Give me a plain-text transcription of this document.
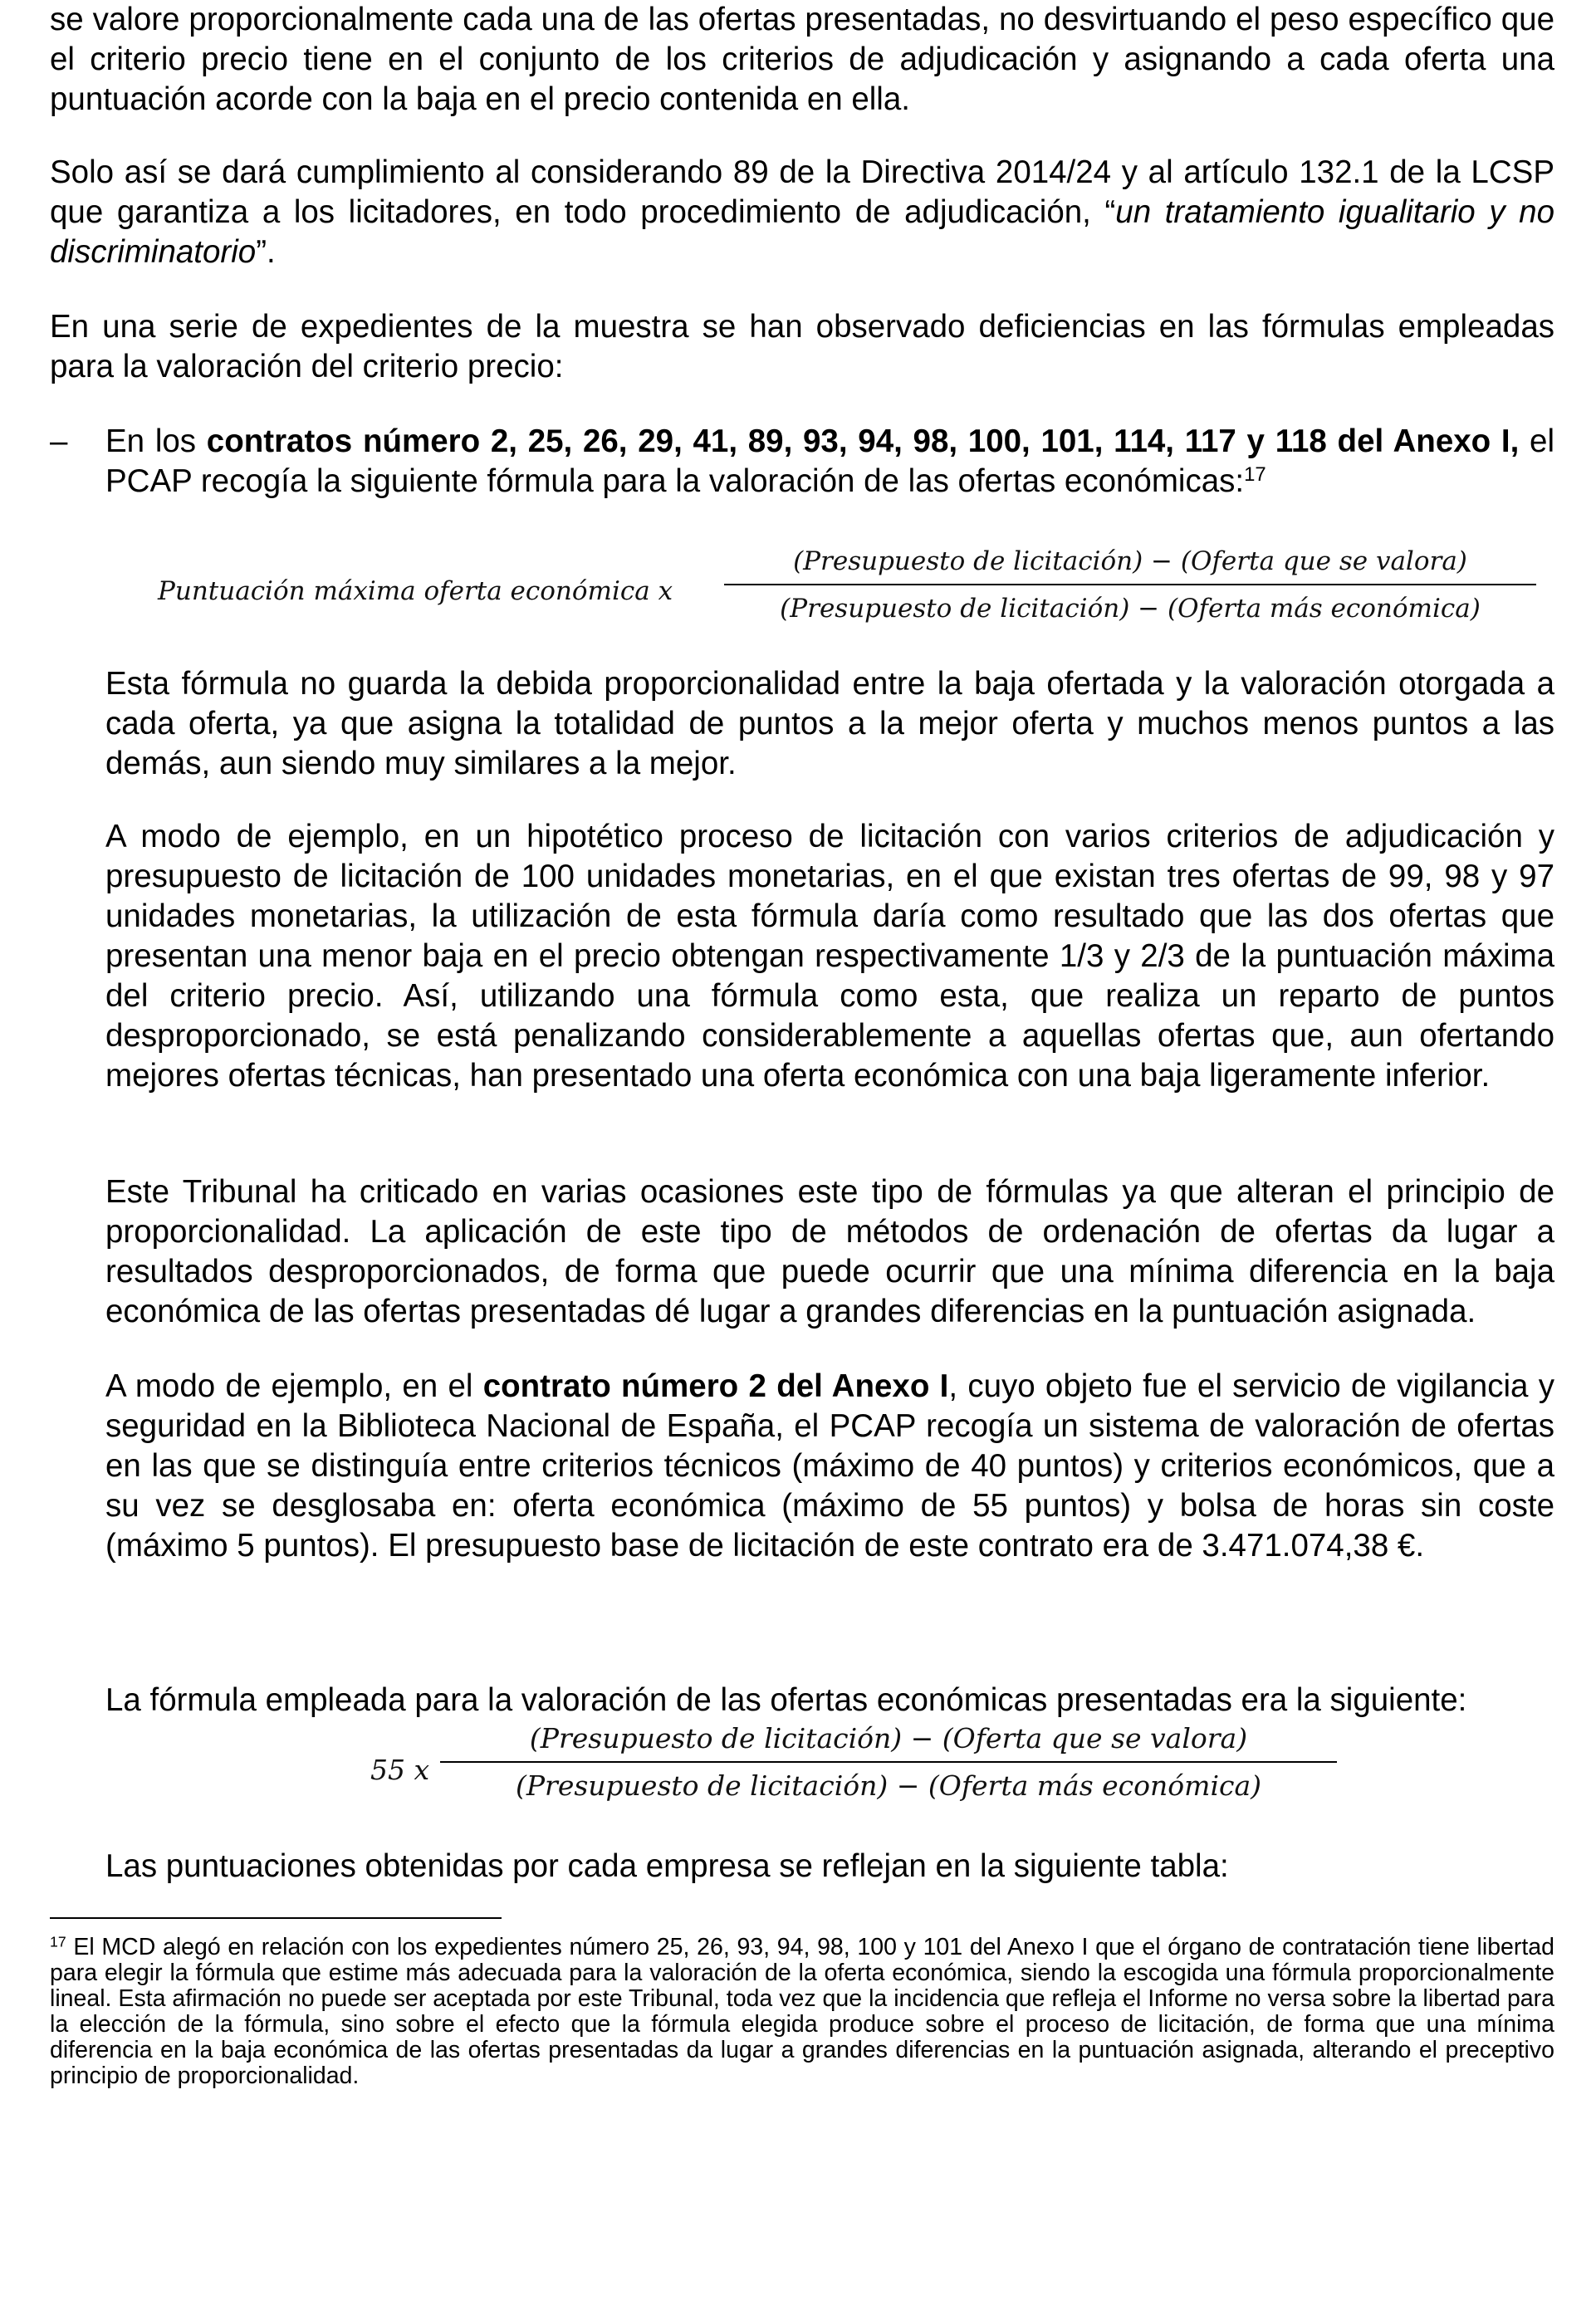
se valore proporcionalmente cada una de las ofertas presentadas, no desvirtuando el peso específico que el criterio precio tiene en el conjunto de los criterios de adjudicación y asignando a cada oferta una puntuación acorde con la baja en el precio contenida en ella.

Solo así se dará cumplimiento al considerando 89 de la Directiva 2014/24 y al artículo 132.1 de la LCSP que garantiza a los licitadores, en todo procedimiento de adjudicación, “un tratamiento igualitario y no discriminatorio”.

En una serie de expedientes de la muestra se han observado deficiencias en las fórmulas empleadas para la valoración del criterio precio:

– En los contratos número 2, 25, 26, 29, 41, 89, 93, 94, 98, 100, 101, 114, 117 y 118 del Anexo I, el PCAP recogía la siguiente fórmula para la valoración de las ofertas económicas:$^{17}$

Puntuación máxima oferta económica x
(Presupuesto de licitación) − (Oferta que se valora)
(Presupuesto de licitación) − (Oferta más económica)

Esta fórmula no guarda la debida proporcionalidad entre la baja ofertada y la valoración otorgada a cada oferta, ya que asigna la totalidad de puntos a la mejor oferta y muchos menos puntos a las demás, aun siendo muy similares a la mejor.

A modo de ejemplo, en un hipotético proceso de licitación con varios criterios de adjudicación y presupuesto de licitación de 100 unidades monetarias, en el que existan tres ofertas de 99, 98 y 97 unidades monetarias, la utilización de esta fórmula daría como resultado que las dos ofertas que presentan una menor baja en el precio obtengan respectivamente 1/3 y 2/3 de la puntuación máxima del criterio precio. Así, utilizando una fórmula como esta, que realiza un reparto de puntos desproporcionado, se está penalizando considerablemente a aquellas ofertas que, aun ofertando mejores ofertas técnicas, han presentado una oferta económica con una baja ligeramente inferior.

Este Tribunal ha criticado en varias ocasiones este tipo de fórmulas ya que alteran el principio de proporcionalidad. La aplicación de este tipo de métodos de ordenación de ofertas da lugar a resultados desproporcionados, de forma que puede ocurrir que una mínima diferencia en la baja económica de las ofertas presentadas dé lugar a grandes diferencias en la puntuación asignada.

A modo de ejemplo, en el contrato número 2 del Anexo I, cuyo objeto fue el servicio de vigilancia y seguridad en la Biblioteca Nacional de España, el PCAP recogía un sistema de valoración de ofertas en las que se distinguía entre criterios técnicos (máximo de 40 puntos) y criterios económicos, que a su vez se desglosaba en: oferta económica (máximo de 55 puntos) y bolsa de horas sin coste (máximo 5 puntos). El presupuesto base de licitación de este contrato era de 3.471.074,38 €.

La fórmula empleada para la valoración de las ofertas económicas presentadas era la siguiente:

55 x
(Presupuesto de licitación) − (Oferta que se valora)
(Presupuesto de licitación) − (Oferta más económica)

Las puntuaciones obtenidas por cada empresa se reflejan en la siguiente tabla:

$^{17}$ El MCD alegó en relación con los expedientes número 25, 26, 93, 94, 98, 100 y 101 del Anexo I que el órgano de contratación tiene libertad para elegir la fórmula que estime más adecuada para la valoración de la oferta económica, siendo la escogida una fórmula proporcionalmente lineal. Esta afirmación no puede ser aceptada por este Tribunal, toda vez que la incidencia que refleja el Informe no versa sobre la libertad para la elección de la fórmula, sino sobre el efecto que la fórmula elegida produce sobre el proceso de licitación, de forma que una mínima diferencia en la baja económica de las ofertas presentadas da lugar a grandes diferencias en la puntuación asignada, alterando el preceptivo principio de proporcionalidad.
